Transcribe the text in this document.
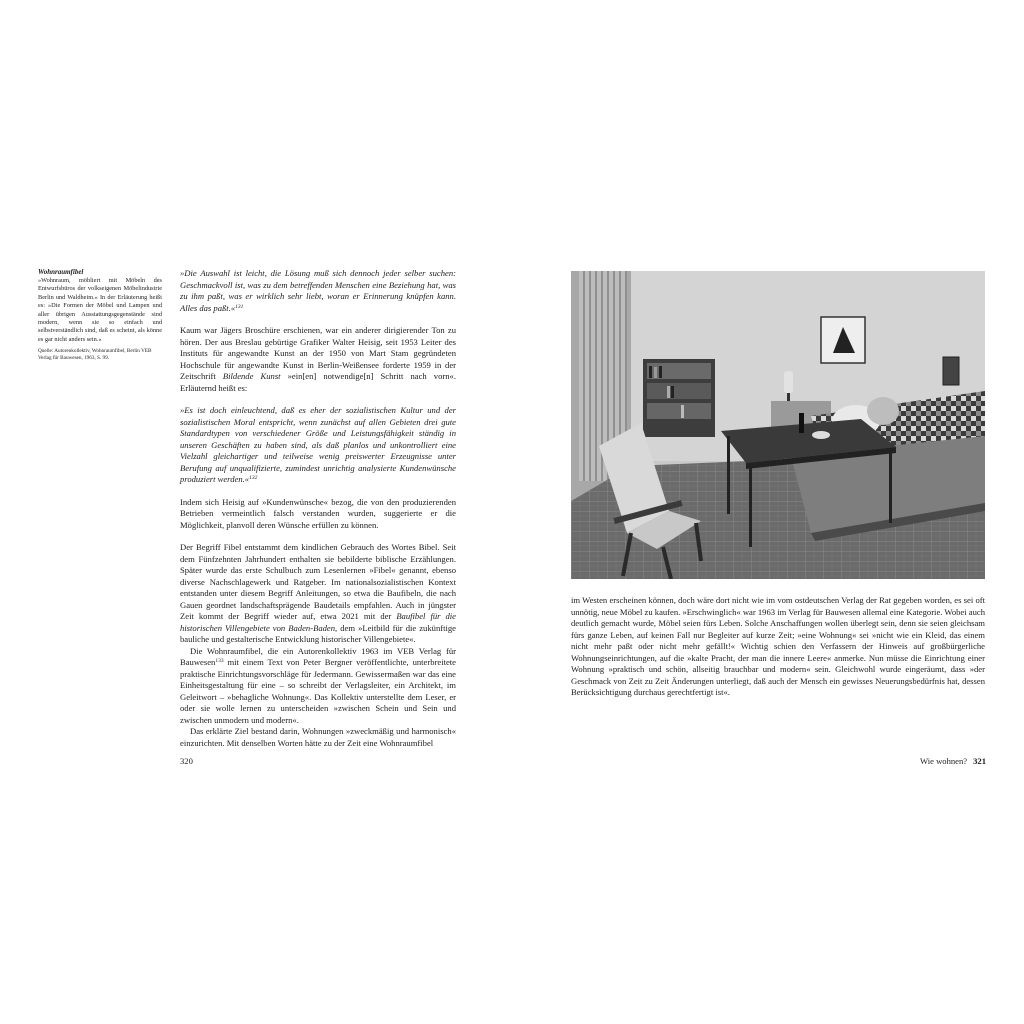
Wohnraumfibel
»Wohnraum, möbliert mit Möbeln des Entwurfsbüros der volkseigenen Möbelindustrie Berlin und Waldheim.« In der Erläuterung heißt es: »Die Formen der Möbel und Lampen und aller übrigen Ausstattungsgegenstände sind modern, wenn sie so einfach und selbstverständlich sind, daß es scheint, als könne es gar nicht anders sein.«
Quelle: Autorenkollektiv, Wohnraumfibel, Berlin VEB Verlag für Bauwesen, 1963, S. 99.

»Die Auswahl ist leicht, die Lösung muß sich dennoch jeder selber suchen: Geschmackvoll ist, was zu dem betreffenden Menschen eine Beziehung hat, was zu ihm paßt, was er wirklich sehr liebt, woran er Erinnerung knüpfen kann. Alles das paßt.«$^{131}$

Kaum war Jägers Broschüre erschienen, war ein anderer dirigierender Ton zu hören. Der aus Breslau gebürtige Grafiker Walter Heisig, seit 1953 Leiter des Instituts für angewandte Kunst an der 1950 von Mart Stam gegründeten Hochschule für angewandte Kunst in Berlin-Weißensee forderte 1959 in der Zeitschrift Bildende Kunst »ein[en] notwendige[n] Schritt nach vorn«. Erläuternd heißt es:

»Es ist doch einleuchtend, daß es eher der sozialistischen Kultur und der sozialistischen Moral entspricht, wenn zunächst auf allen Gebieten drei gute Standardtypen von verschiedener Größe und Leistungsfähigkeit ständig in unseren Geschäften zu haben sind, als daß planlos und unkontrolliert eine Vielzahl gleichartiger und teilweise wenig preiswerter Erzeugnisse unter Berufung auf unqualifizierte, zumindest unrichtig analysierte Kundenwünsche produziert werden.«$^{132}$

Indem sich Heisig auf »Kundenwünsche« bezog, die von den produzierenden Betrieben vermeintlich falsch verstanden wurden, suggerierte er die Möglichkeit, planvoll deren Wünsche erfüllen zu können.

Der Begriff Fibel entstammt dem kindlichen Gebrauch des Wortes Bibel. Seit dem Fünfzehnten Jahrhundert enthalten sie bebilderte biblische Erzählungen. Später wurde das erste Schulbuch zum Lesenlernen »Fibel« genannt, ebenso diverse Nachschlagewerk und Ratgeber. Im nationalsozialistischen Kontext entstanden unter diesem Begriff Anleitungen, so etwa die Baufibeln, die nach Gauen geordnet landschaftsprägende Baudetails empfahlen. Auch in jüngster Zeit kommt der Begriff wieder auf, etwa 2021 mit der Baufibel für die historischen Villengebiete von Baden-Baden, dem »Leitbild für die zukünftige bauliche und gestalterische Entwicklung historischer Villengebiete«.

Die Wohnraumfibel, die ein Autorenkollektiv 1963 im VEB Verlag für Bauwesen$^{133}$ mit einem Text von Peter Bergner veröffentlichte, unterbreitete praktische Einrichtungsvorschläge für Jedermann. Gewissermaßen war das eine Einheitsgestaltung für eine – so schreibt der Verlagsleiter, ein Architekt, im Geleitwort – »behagliche Wohnung«. Das Kollektiv unterstellte dem Leser, er oder sie wolle lernen zu unterscheiden »zwischen Schein und Sein und zwischen unmodern und modern«.

Das erklärte Ziel bestand darin, Wohnungen »zweckmäßig und harmonisch« einzurichten. Mit denselben Worten hätte zu der Zeit eine Wohnraumfibel

320

im Westen erscheinen können, doch wäre dort nicht wie im vom ostdeutschen Verlag der Rat gegeben worden, es sei oft unnötig, neue Möbel zu kaufen. »Erschwinglich« war 1963 im Verlag für Bauwesen allemal eine Kategorie. Wobei auch deutlich gemacht wurde, Möbel seien fürs Leben. Solche Anschaffungen wollen überlegt sein, denn sie seien gleichsam fürs ganze Leben, auf keinen Fall nur Begleiter auf kurze Zeit; »eine Wohnung« sei »nicht wie ein Kleid, das einem nicht mehr paßt oder nicht mehr gefällt!« Wichtig schien den Verfassern der Hinweis auf großbürgerliche Wohnungseinrichtungen, auf die »kalte Pracht, der man die innere Leere« anmerke. Nun müsse die Einrichtung einer Wohnung »praktisch und schön, allseitig brauchbar und modern« sein. Gleichwohl wurde eingeräumt, dass »der Geschmack von Zeit zu Zeit Änderungen unterliegt, daß auch der Mensch ein gewisses Neuerungsbedürfnis hat, dessen Berücksichtigung durchaus gerechtfertigt ist«.

Wie wohnen? 321
